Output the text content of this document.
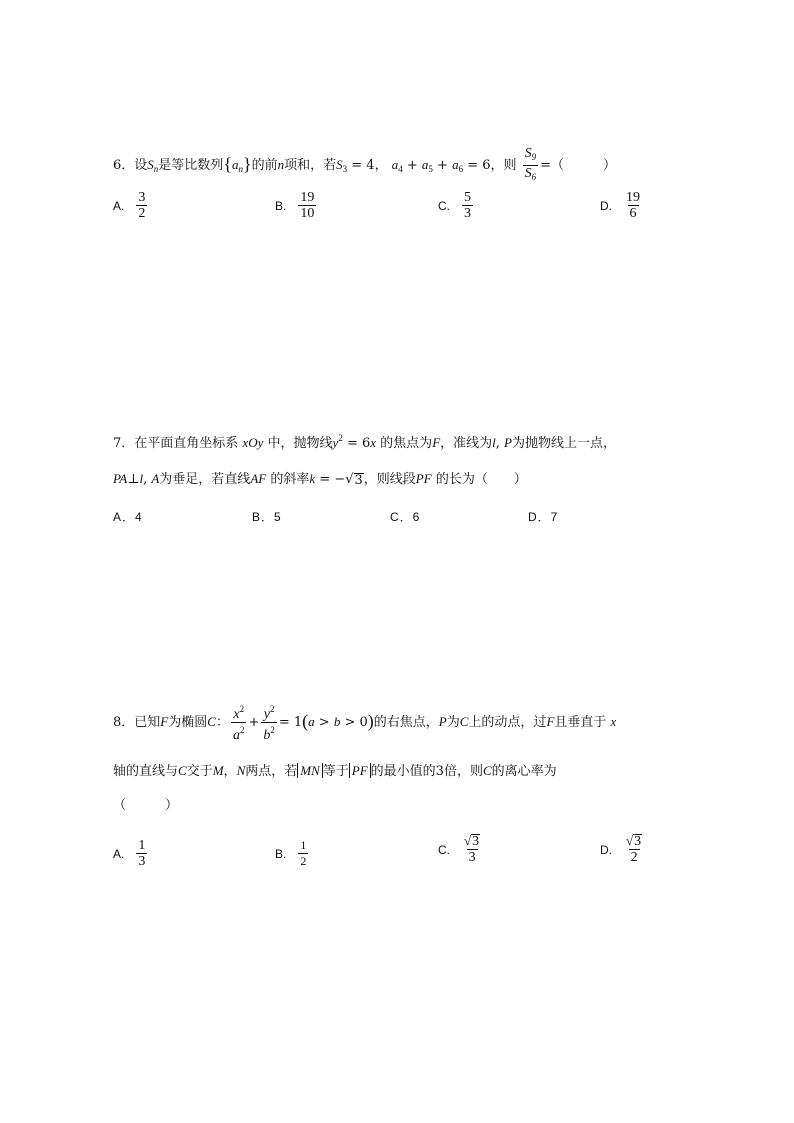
6．设$S_n$是等比数列$\{a_n\}$的前n项和，若$S_3 = 4$， $a_4 + a_5 + a_6 = 6$，则 $\frac{S_9}{S_6}$ =（　　　）
A. $\frac{3}{2}$	B. $\frac{19}{10}$	C. $\frac{5}{3}$	D. $\frac{19}{6}$
7．在平面直角坐标系 xOy 中，抛物线$y^2 = 6x$ 的焦点为F，准线为l, P为抛物线上一点，
PA⊥l, A为垂足，若直线AF 的斜率k = − √ 3 ，则线段PF 的长为（　　）
A．4	B．5	C．6	D．7
8．已知F为椭圆C： $\frac{x^2}{a^2} + \frac{y^2}{b^2} = 1(a > b > 0)$的右焦点，P为C上的动点，过F且垂直于 x
轴的直线与C交于M，N两点，若 MN 等于 PF 的最小值的3倍，则C的离心率为
（　　　）
A. $\frac{1}{3}$	B. $\frac{1}{2}$	C. $\frac{√ 3}{3}$	D. $\frac{√ 3}{2}$
